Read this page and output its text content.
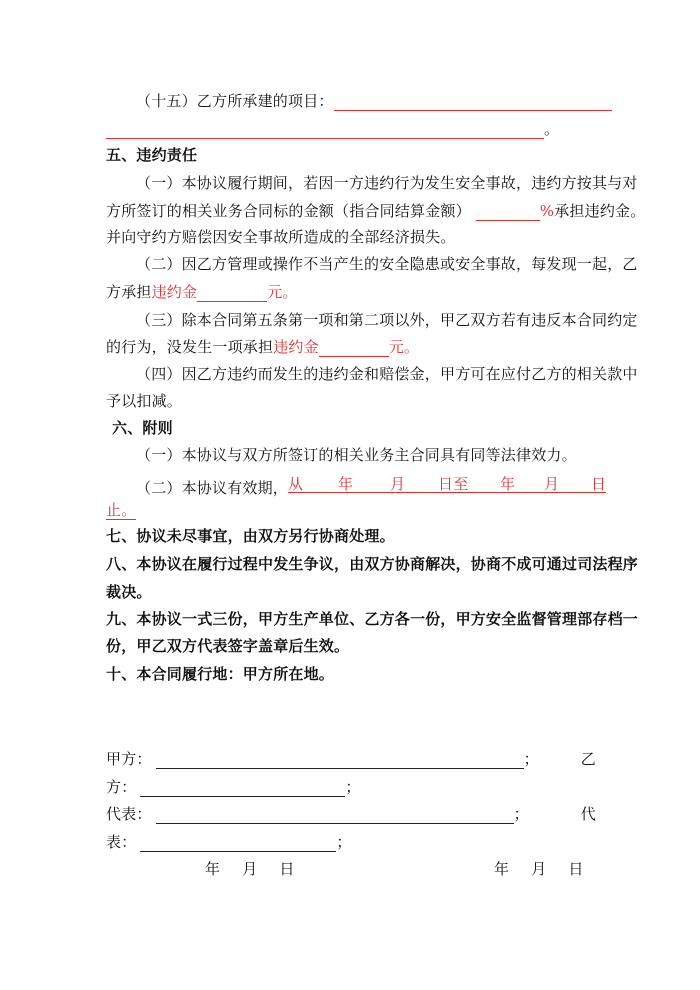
（十五）乙方所承建的项目：
。
五、违约责任
（一）本协议履行期间，若因一方违约行为发生安全事故，违约方按其与对
方所签订的相关业务合同标的金额（指合同结算金额）	%承担违约金。
并向守约方赔偿因安全事故所造成的全部经济损失。
（二）因乙方管理或操作不当产生的安全隐患或安全事故，每发现一起，乙
方承担违约金	元。
（三）除本合同第五条第一项和第二项以外，甲乙双方若有违反本合同约定
的行为，没发生一项承担违约金	元。
（四）因乙方违约而发生的违约金和赔偿金，甲方可在应付乙方的相关款中
予以扣减。
六、附则
（一）本协议与双方所签订的相关业务主合同具有同等法律效力。
（二）本协议有效期， 从 年 月 日至 年 月 日
止。
七、协议未尽事宜，由双方另行协商处理。
八、本协议在履行过程中发生争议，由双方协商解决，协商不成可通过司法程序
裁决。
九、本协议一式三份，甲方生产单位、乙方各一份，甲方安全监督管理部存档一
份，甲乙双方代表签字盖章后生效。
十、本合同履行地：甲方所在地。
甲方：	；	乙
方：	；
代表：	；	代
表：	；
年 月 日	年 月 日
